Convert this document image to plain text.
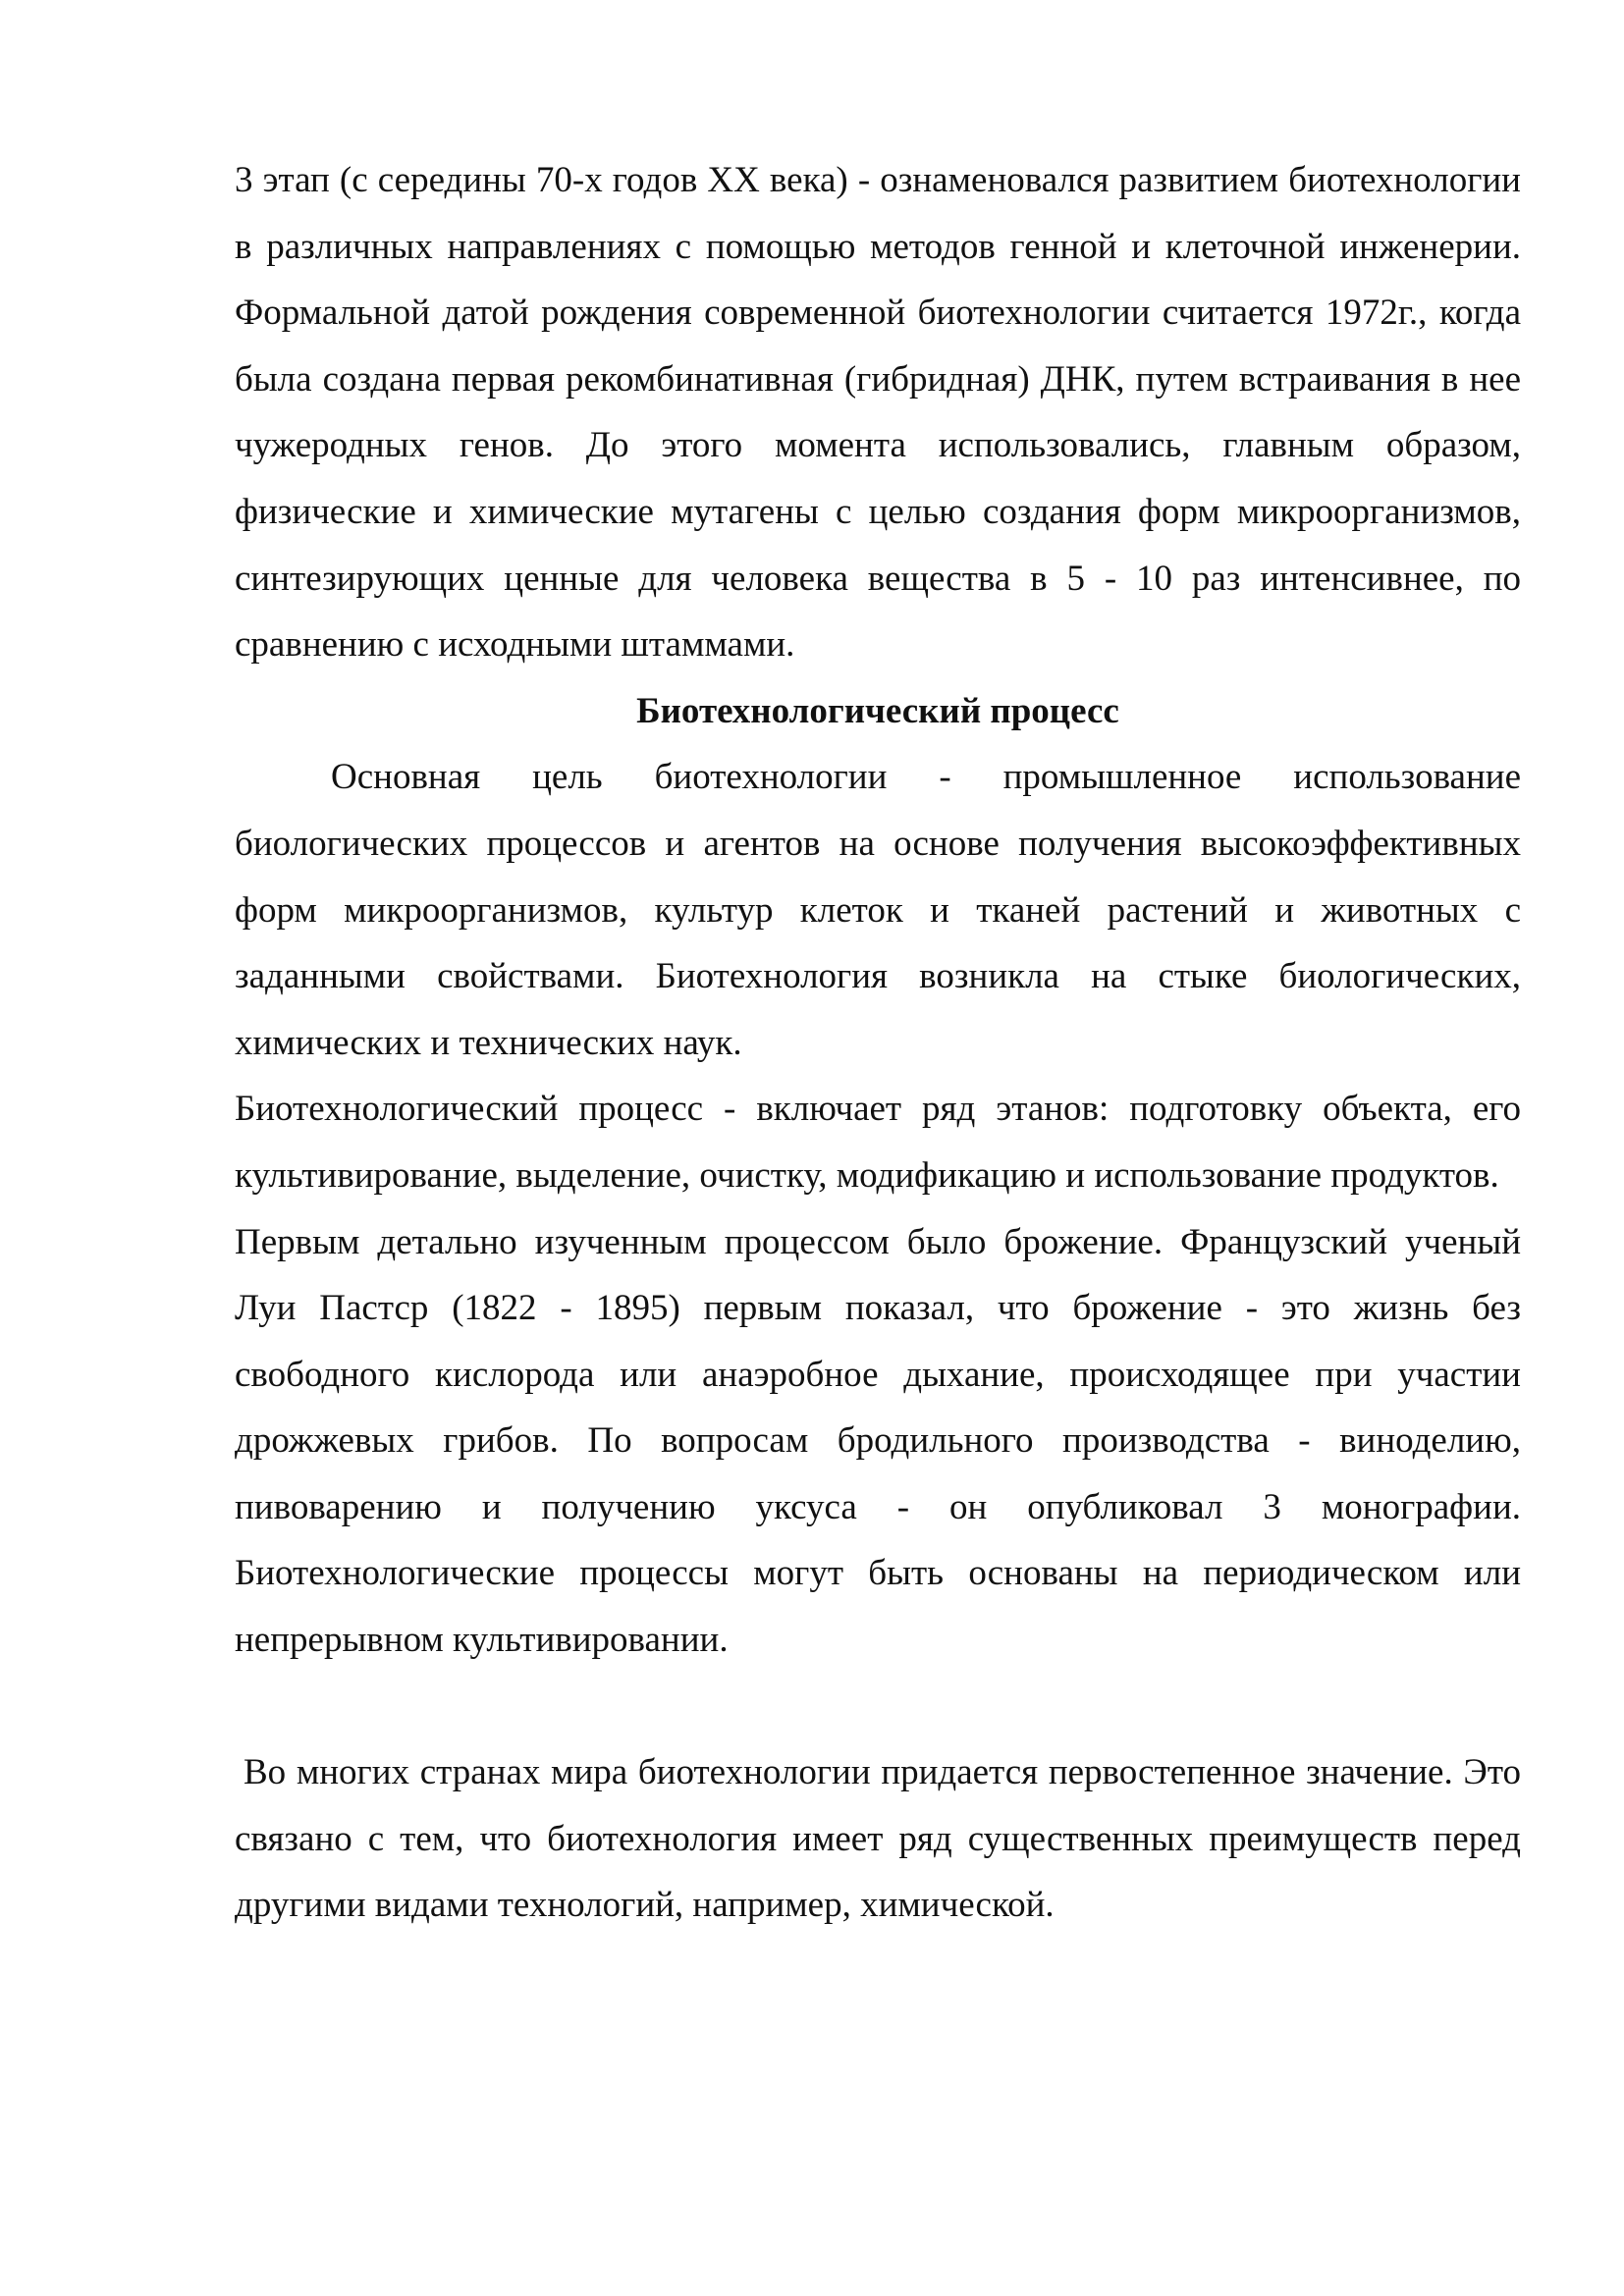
3 этап (с середины 70-х годов XX века) - ознаменовался развитием биотехнологии в различных направлениях с помощью методов генной и клеточной инженерии. Формальной датой рождения современной биотехнологии считается 1972г., когда была создана первая рекомбинативная (гибридная) ДНК, путем встраивания в нее чужеродных генов. До этого момента использовались, главным образом, физические и химические мутагены с целью создания форм микроорганизмов, синтезирующих ценные для человека вещества в 5 - 10 раз интенсивнее, по сравнению с исходными штаммами.

Биотехнологический процесс

Основная цель биотехнологии - промышленное использование биологических процессов и агентов на основе получения высокоэффективных форм микроорганизмов, культур клеток и тканей растений и животных с заданными свойствами. Биотехнология возникла на стыке биологических, химических и технических наук.

Биотехнологический процесс - включает ряд этанов: подготовку объекта, его культивирование, выделение, очистку, модификацию и использование продуктов.

Первым детально изученным процессом было брожение. Французский ученый Луи Пастср (1822 - 1895) первым показал, что брожение - это жизнь без свободного кислорода или анаэробное дыхание, происходящее при участии дрожжевых грибов. По вопросам бродильного производства - виноделию, пивоварению и получению уксуса - он опубликовал 3 монографии. Биотехнологические процессы могут быть основаны на периодическом или непрерывном культивировании.

Во многих странах мира биотехнологии придается первостепенное значение. Это связано с тем, что биотехнология имеет ряд существенных преимуществ перед другими видами технологий, например, химической.
